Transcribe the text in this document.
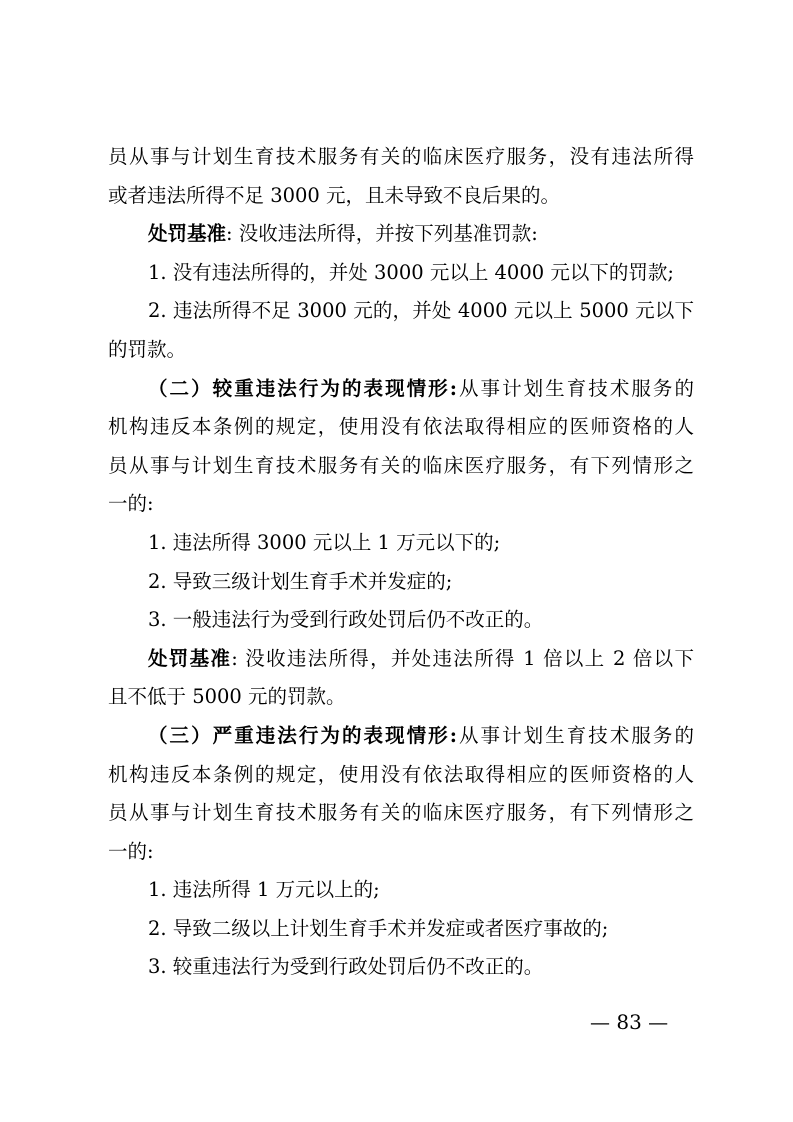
员从事与计划生育技术服务有关的临床医疗服务，没有违法所得
或者违法所得不足 3000 元，且未导致不良后果的。
处罚基准: 没收违法所得，并按下列基准罚款:
1. 没有违法所得的，并处 3000 元以上 4000 元以下的罚款;
2. 违法所得不足 3000 元的，并处 4000 元以上 5000 元以下
的罚款。
（二）较重违法行为的表现情形:从事计划生育技术服务的
机构违反本条例的规定，使用没有依法取得相应的医师资格的人
员从事与计划生育技术服务有关的临床医疗服务，有下列情形之
一的:
1. 违法所得 3000 元以上 1 万元以下的;
2. 导致三级计划生育手术并发症的;
3. 一般违法行为受到行政处罚后仍不改正的。
处罚基准: 没收违法所得，并处违法所得 1 倍以上 2 倍以下
且不低于 5000 元的罚款。
（三）严重违法行为的表现情形:从事计划生育技术服务的
机构违反本条例的规定，使用没有依法取得相应的医师资格的人
员从事与计划生育技术服务有关的临床医疗服务，有下列情形之
一的:
1. 违法所得 1 万元以上的;
2. 导致二级以上计划生育手术并发症或者医疗事故的;
3. 较重违法行为受到行政处罚后仍不改正的。
— 83 —
